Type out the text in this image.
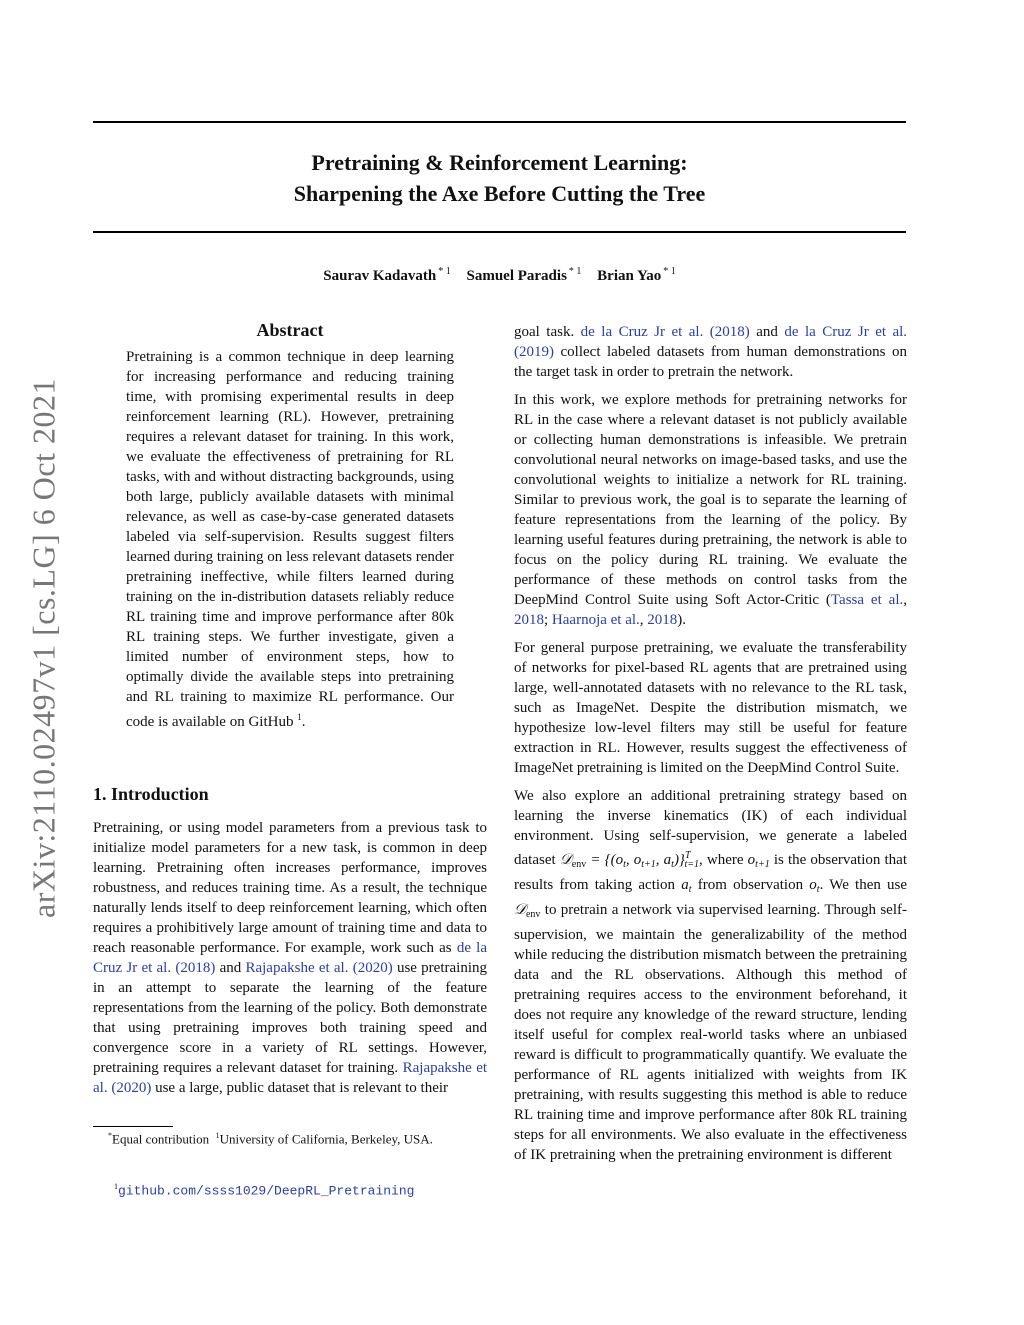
arXiv:2110.02497v1 [cs.LG] 6 Oct 2021
Pretraining & Reinforcement Learning:
Sharpening the Axe Before Cutting the Tree
Saurav Kadavath $^{* 1}$ Samuel Paradis $^{* 1}$ Brian Yao $^{* 1}$
Abstract

Pretraining is a common technique in deep learning for increasing performance and reducing training time, with promising experimental results in deep reinforcement learning (RL). However, pretraining requires a relevant dataset for training. In this work, we evaluate the effectiveness of pretraining for RL tasks, with and without distracting backgrounds, using both large, publicly available datasets with minimal relevance, as well as case-by-case generated datasets labeled via self-supervision. Results suggest filters learned during training on less relevant datasets render pretraining ineffective, while filters learned during training on the in-distribution datasets reliably reduce RL training time and improve performance after 80k RL training steps. We further investigate, given a limited number of environment steps, how to optimally divide the available steps into pretraining and RL training to maximize RL performance. Our code is available on GitHub $^1$.

1. Introduction

Pretraining, or using model parameters from a previous task to initialize model parameters for a new task, is common in deep learning. Pretraining often increases performance, improves robustness, and reduces training time. As a result, the technique naturally lends itself to deep reinforcement learning, which often requires a prohibitively large amount of training time and data to reach reasonable performance. For example, work such as de la Cruz Jr et al. (2018) and Rajapakshe et al. (2020) use pretraining in an attempt to separate the learning of the feature representations from the learning of the policy. Both demonstrate that using pretraining improves both training speed and convergence score in a variety of RL settings. However, pretraining requires a relevant dataset for training. Rajapakshe et al. (2020) use a large, public dataset that is relevant to their

*Equal contribution $^1$University of California, Berkeley, USA.
$^1$github.com/ssss1029/DeepRL_Pretraining

goal task. de la Cruz Jr et al. (2018) and de la Cruz Jr et al. (2019) collect labeled datasets from human demonstrations on the target task in order to pretrain the network.

In this work, we explore methods for pretraining networks for RL in the case where a relevant dataset is not publicly available or collecting human demonstrations is infeasible. We pretrain convolutional neural networks on image-based tasks, and use the convolutional weights to initialize a network for RL training. Similar to previous work, the goal is to separate the learning of feature representations from the learning of the policy. By learning useful features during pretraining, the network is able to focus on the policy during RL training. We evaluate the performance of these methods on control tasks from the DeepMind Control Suite using Soft Actor-Critic (Tassa et al., 2018; Haarnoja et al., 2018).

For general purpose pretraining, we evaluate the transferability of networks for pixel-based RL agents that are pretrained using large, well-annotated datasets with no relevance to the RL task, such as ImageNet. Despite the distribution mismatch, we hypothesize low-level filters may still be useful for feature extraction in RL. However, results suggest the effectiveness of ImageNet pretraining is limited on the DeepMind Control Suite.

We also explore an additional pretraining strategy based on learning the inverse kinematics (IK) of each individual environment. Using self-supervision, we generate a labeled dataset 𝒟$_{env}$ = {($o_t$, $o_{t+1}$, $a_t)\}^T_{t=1}$, where $o_{t+1}$ is the observation that results from taking action $a_t$ from observation $o_t$. We then use 𝒟$_{env}$ to pretrain a network via supervised learning. Through self-supervision, we maintain the generalizability of the method while reducing the distribution mismatch between the pretraining data and the RL observations. Although this method of pretraining requires access to the environment beforehand, it does not require any knowledge of the reward structure, lending itself useful for complex real-world tasks where an unbiased reward is difficult to programmatically quantify. We evaluate the performance of RL agents initialized with weights from IK pretraining, with results suggesting this method is able to reduce RL training time and improve performance after 80k RL training steps for all environments. We also evaluate in the effectiveness of IK pretraining when the pretraining environment is different
